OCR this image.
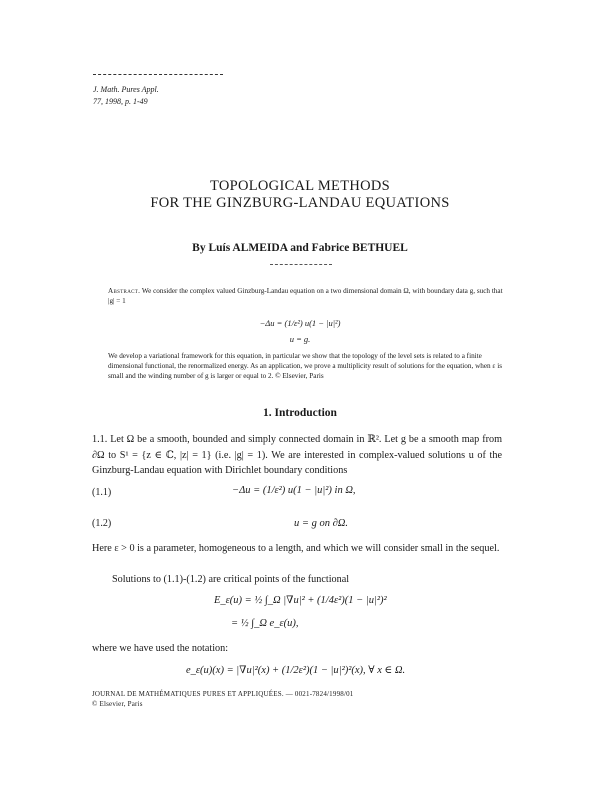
J. Math. Pures Appl.
77, 1998, p. 1-49
TOPOLOGICAL METHODS
FOR THE GINZBURG-LANDAU EQUATIONS
By Luís ALMEIDA and Fabrice BETHUEL
Abstract. We consider the complex valued Ginzburg-Landau equation on a two dimensional domain Ω, with boundary data g, such that |g| = 1
−Δu = (1/ε²) u(1 − |u|²)
u = g.
We develop a variational framework for this equation, in particular we show that the topology of the level sets is related to a finite dimensional functional, the renormalized energy. As an application, we prove a multiplicity result of solutions for the equation, when ε is small and the winding number of g is larger or equal to 2. © Elsevier, Paris
1. Introduction
1.1. Let Ω be a smooth, bounded and simply connected domain in ℝ². Let g be a smooth map from ∂Ω to S¹ = {z ∈ ℂ, |z| = 1} (i.e. |g| = 1). We are interested in complex-valued solutions u of the Ginzburg-Landau equation with Dirichlet boundary conditions
(1.1)	−Δu = (1/ε²) u(1 − |u|²) in Ω,
(1.2)	u = g on ∂Ω.
Here ε > 0 is a parameter, homogeneous to a length, and which we will consider small in the sequel.
Solutions to (1.1)-(1.2) are critical points of the functional
E_ε(u) = ½ ∫_Ω |∇u|² + (1/4ε²)(1 − |u|²)²
= ½ ∫_Ω e_ε(u),
where we have used the notation:
e_ε(u)(x) = |∇u|²(x) + (1/2ε²)(1 − |u|²)²(x), ∀ x ∈ Ω.
JOURNAL DE MATHÉMATIQUES PURES ET APPLIQUÉES. — 0021-7824/1998/01
© Elsevier, Paris
